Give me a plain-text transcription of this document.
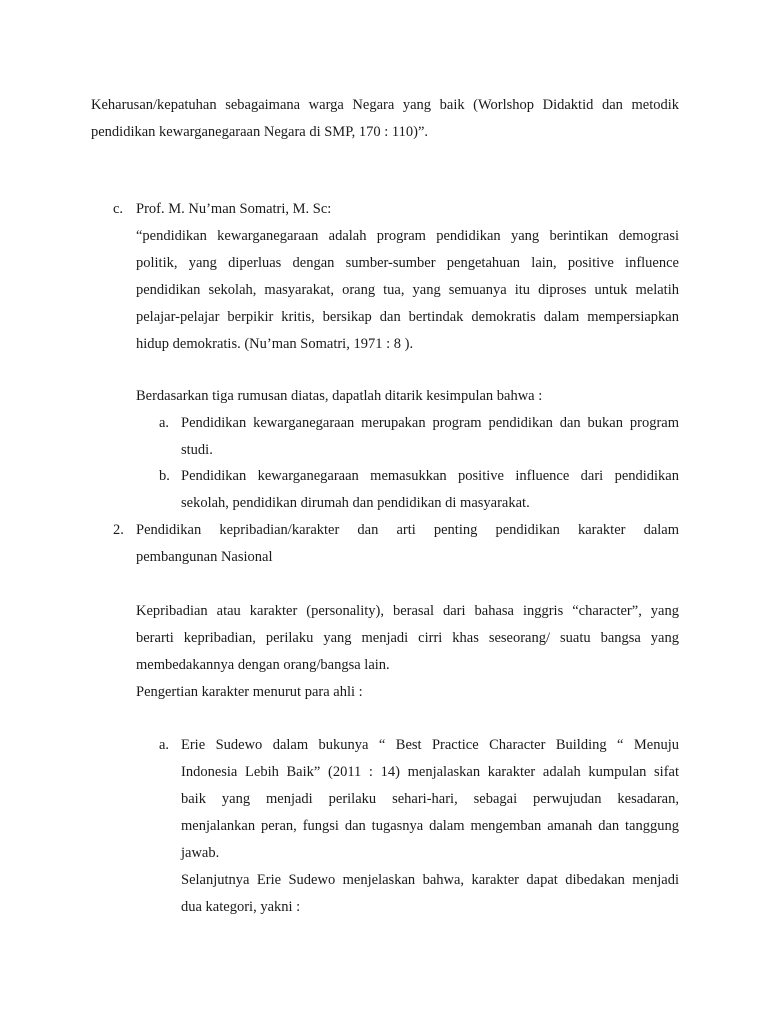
Keharusan/kepatuhan sebagaimana warga Negara yang baik (Worlshop Didaktid dan metodik
pendidikan kewarganegaraan Negara di SMP, 170 : 110)”.
c. Prof. M. Nu’man Somatri, M. Sc:
“pendidikan kewarganegaraan adalah program pendidikan yang berintikan demograsi
politik, yang diperluas dengan sumber-sumber pengetahuan lain, positive influence
pendidikan sekolah, masyarakat, orang tua, yang semuanya itu diproses untuk melatih
pelajar-pelajar berpikir kritis, bersikap dan bertindak demokratis dalam mempersiapkan
hidup demokratis. (Nu’man Somatri, 1971 : 8 ).
Berdasarkan tiga rumusan diatas, dapatlah ditarik kesimpulan bahwa :
a. Pendidikan kewarganegaraan merupakan program pendidikan dan bukan program
studi.
b. Pendidikan kewarganegaraan memasukkan positive influence dari pendidikan
sekolah, pendidikan dirumah dan pendidikan di masyarakat.
2. Pendidikan kepribadian/karakter dan arti penting pendidikan karakter dalam
pembangunan Nasional
Kepribadian atau karakter (personality), berasal dari bahasa inggris “character”, yang
berarti kepribadian, perilaku yang menjadi cirri khas seseorang/ suatu bangsa yang
membedakannya dengan orang/bangsa lain.
Pengertian karakter menurut para ahli :
a. Erie Sudewo dalam bukunya “ Best Practice Character Building “ Menuju
Indonesia Lebih Baik” (2011 : 14) menjalaskan karakter adalah kumpulan sifat
baik yang menjadi perilaku sehari-hari, sebagai perwujudan kesadaran,
menjalankan peran, fungsi dan tugasnya dalam mengemban amanah dan tanggung
jawab.
Selanjutnya Erie Sudewo menjelaskan bahwa, karakter dapat dibedakan menjadi
dua kategori, yakni :
